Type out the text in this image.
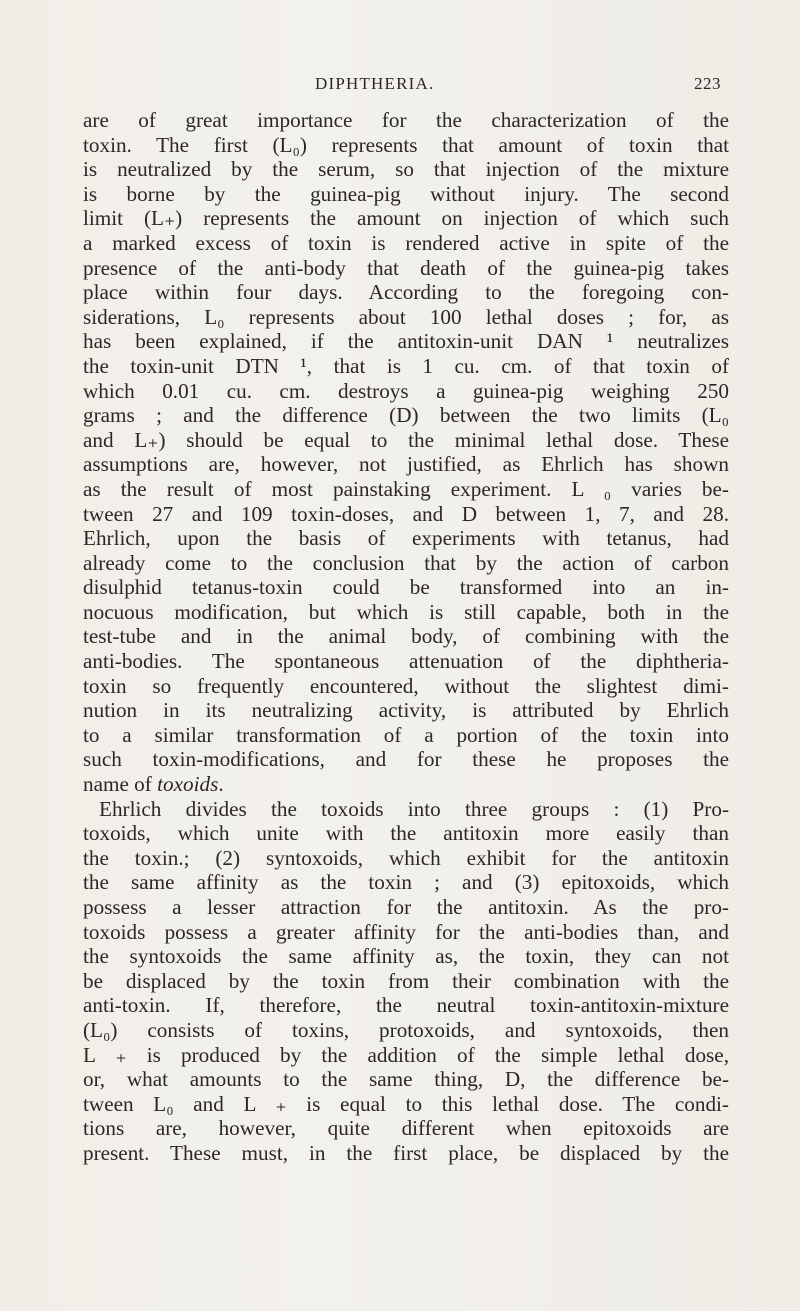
DIPHTHERIA.	223
are of great importance for the characterization of the
toxin. The first (L₀) represents that amount of toxin that
is neutralized by the serum, so that injection of the mixture
is borne by the guinea-pig without injury. The second
limit (L₊) represents the amount on injection of which such
a marked excess of toxin is rendered active in spite of the
presence of the anti-body that death of the guinea-pig takes
place within four days. According to the foregoing con-
siderations, L₀ represents about 100 lethal doses ; for, as
has been explained, if the antitoxin-unit DAN ¹ neutralizes
the toxin-unit DTN ¹, that is 1 cu. cm. of that toxin of
which 0.01 cu. cm. destroys a guinea-pig weighing 250
grams ; and the difference (D) between the two limits (L₀
and L₊) should be equal to the minimal lethal dose. These
assumptions are, however, not justified, as Ehrlich has shown
as the result of most painstaking experiment. L ₀ varies be-
tween 27 and 109 toxin-doses, and D between 1, 7, and 28.
Ehrlich, upon the basis of experiments with tetanus, had
already come to the conclusion that by the action of carbon
disulphid tetanus-toxin could be transformed into an in-
nocuous modification, but which is still capable, both in the
test-tube and in the animal body, of combining with the
anti-bodies. The spontaneous attenuation of the diphtheria-
toxin so frequently encountered, without the slightest dimi-
nution in its neutralizing activity, is attributed by Ehrlich
to a similar transformation of a portion of the toxin into
such toxin-modifications, and for these he proposes the
name of toxoids.
Ehrlich divides the toxoids into three groups : (1) Pro-
toxoids, which unite with the antitoxin more easily than
the toxin.; (2) syntoxoids, which exhibit for the antitoxin
the same affinity as the toxin ; and (3) epitoxoids, which
possess a lesser attraction for the antitoxin. As the pro-
toxoids possess a greater affinity for the anti-bodies than, and
the syntoxoids the same affinity as, the toxin, they can not
be displaced by the toxin from their combination with the
anti-toxin. If, therefore, the neutral toxin-antitoxin-mixture
(L₀) consists of toxins, protoxoids, and syntoxoids, then
L ₊ is produced by the addition of the simple lethal dose,
or, what amounts to the same thing, D, the difference be-
tween L₀ and L ₊ is equal to this lethal dose. The condi-
tions are, however, quite different when epitoxoids are
present. These must, in the first place, be displaced by the
